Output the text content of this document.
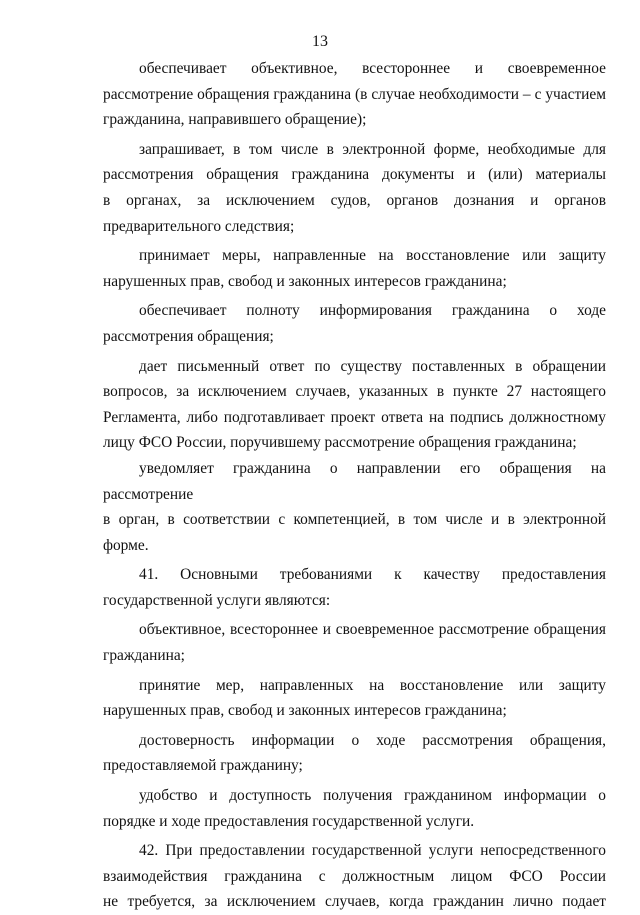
13

обеспечивает объективное, всестороннее и своевременное
рассмотрение обращения гражданина (в случае необходимости – с участием
гражданина, направившего обращение);

запрашивает, в том числе в электронной форме, необходимые для
рассмотрения обращения гражданина документы и (или) материалы
в органах, за исключением судов, органов дознания и органов
предварительного следствия;

принимает меры, направленные на восстановление или защиту
нарушенных прав, свобод и законных интересов гражданина;

обеспечивает полноту информирования гражданина о ходе
рассмотрения обращения;

дает письменный ответ по существу поставленных в обращении
вопросов, за исключением случаев, указанных в пункте 27 настоящего
Регламента, либо подготавливает проект ответа на подпись должностному
лицу ФСО России, поручившему рассмотрение обращения гражданина;

уведомляет гражданина о направлении его обращения на рассмотрение
в орган, в соответствии с компетенцией, в том числе и в электронной форме.

41. Основными требованиями к качеству предоставления
государственной услуги являются:

объективное, всестороннее и своевременное рассмотрение обращения
гражданина;

принятие мер, направленных на восстановление или защиту
нарушенных прав, свобод и законных интересов гражданина;

достоверность информации о ходе рассмотрения обращения,
предоставляемой гражданину;

удобство и доступность получения гражданином информации о
порядке и ходе предоставления государственной услуги.

42. При предоставлении государственной услуги непосредственного
взаимодействия гражданина с должностным лицом ФСО России
не требуется, за исключением случаев, когда гражданин лично подает
